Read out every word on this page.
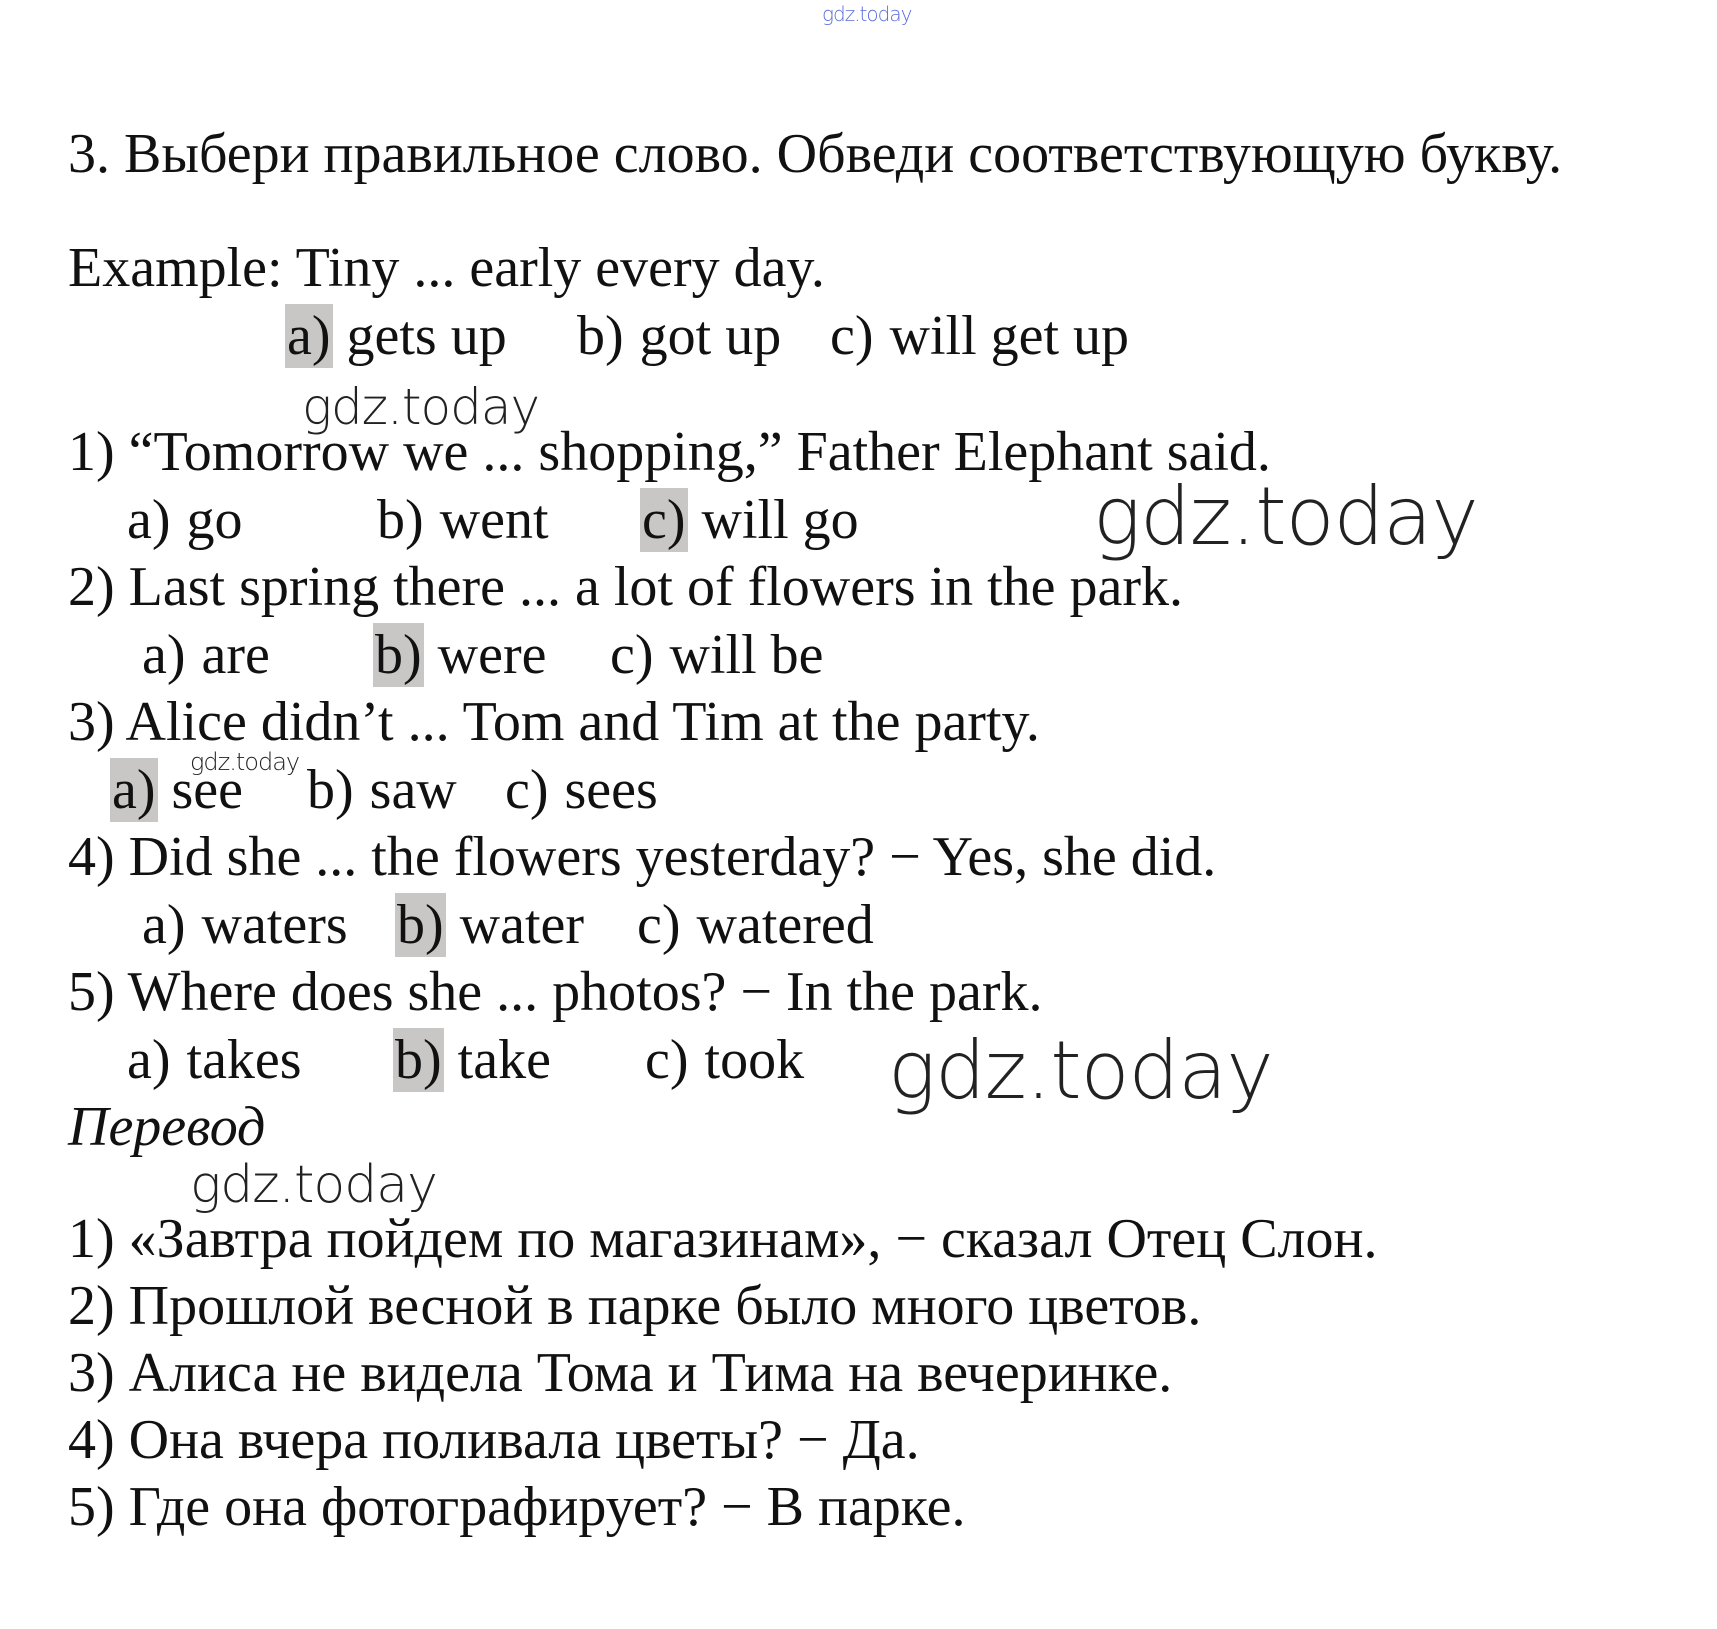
gdz.today
3. Выбери правильное слово. Обведи соответствующую букву.
Example: Tiny ... early every day.
a) gets up b) got up c) will get up
gdz.today
1) “Tomorrow we ... shopping,” Father Elephant said.
a) go b) went c) will go	gdz.today
2) Last spring there ... a lot of flowers in the park.
a) are b) were c) will be
3) Alice didn’t ... Tom and Tim at the party.
gdz.today
a) see b) saw c) sees
4) Did she ... the flowers yesterday? − Yes, she did.
a) waters b) water c) watered
5) Where does she ... photos? − In the park.
a) takes b) take c) took gdz.today
Перевод
gdz.today
1) «Завтра пойдем по магазинам», − сказал Отец Слон.
2) Прошлой весной в парке было много цветов.
3) Алиса не видела Тома и Тима на вечеринке.
4) Она вчера поливала цветы? − Да.
5) Где она фотографирует? − В парке.
